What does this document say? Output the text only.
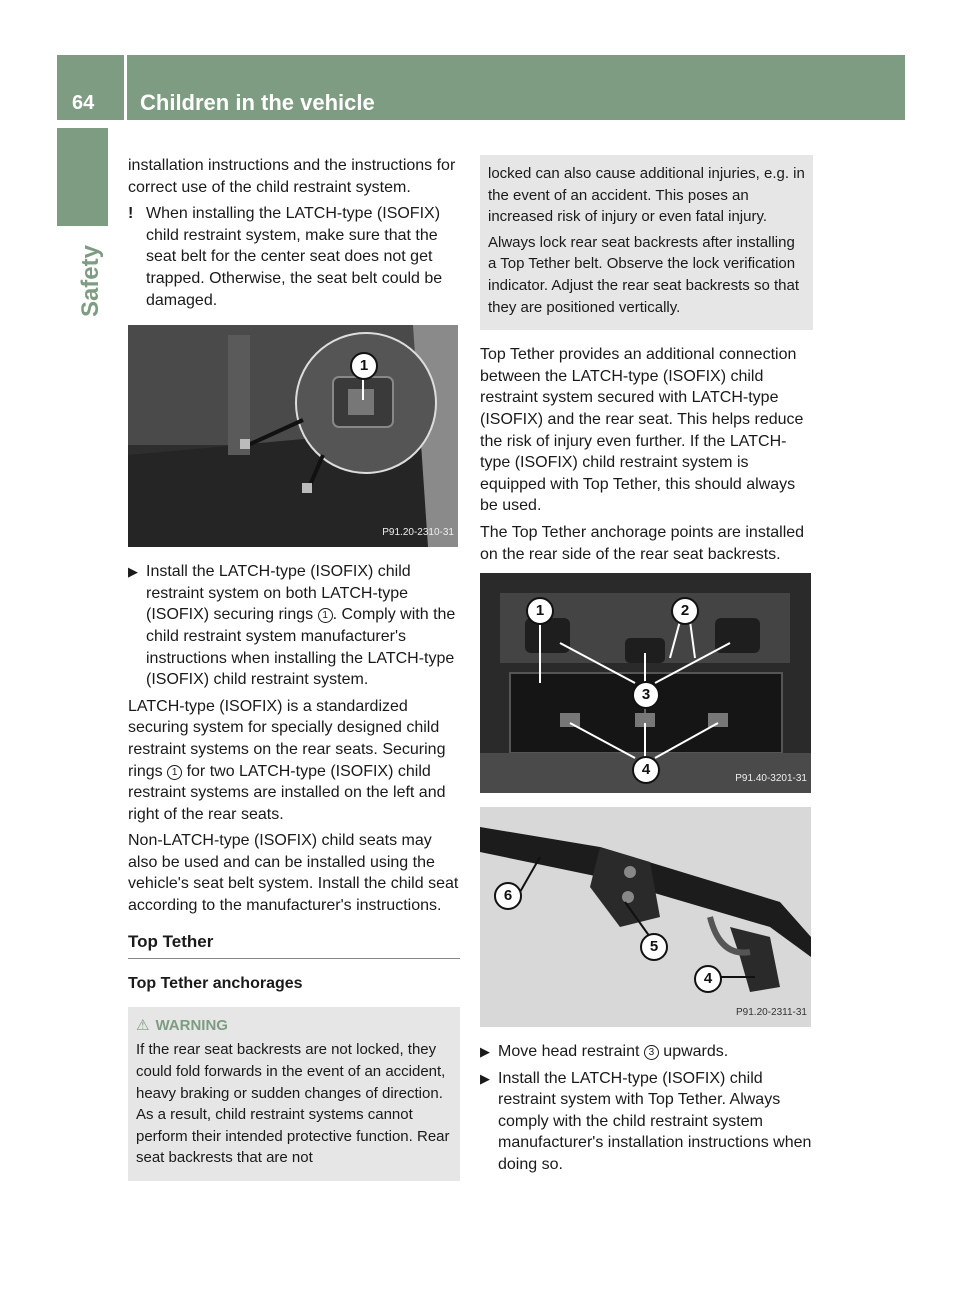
64 Children in the vehicle
Safety

installation instructions and the instructions for correct use of the child restraint system.

! When installing the LATCH-type (ISOFIX) child restraint system, make sure that the seat belt for the center seat does not get trapped. Otherwise, the seat belt could be damaged.

1
P91.20-2310-31

▶ Install the LATCH-type (ISOFIX) child restraint system on both LATCH-type (ISOFIX) securing rings 1 . Comply with the child restraint system manufacturer's instructions when installing the LATCH-type (ISOFIX) child restraint system.

LATCH-type (ISOFIX) is a standardized securing system for specially designed child restraint systems on the rear seats. Securing rings 1 for two LATCH-type (ISOFIX) child restraint systems are installed on the left and right of the rear seats.

Non-LATCH-type (ISOFIX) child seats may also be used and can be installed using the vehicle's seat belt system. Install the child seat according to the manufacturer's instructions.

Top Tether
Top Tether anchorages
⚠ WARNING

If the rear seat backrests are not locked, they could fold forwards in the event of an accident, heavy braking or sudden changes of direction. As a result, child restraint systems cannot perform their intended protective function. Rear seat backrests that are not

locked can also cause additional injuries, e.g. in the event of an accident. This poses an increased risk of injury or even fatal injury.

Always lock rear seat backrests after installing a Top Tether belt. Observe the lock verification indicator. Adjust the rear seat backrests so that they are positioned vertically.

Top Tether provides an additional connection between the LATCH-type (ISOFIX) child restraint system secured with LATCH-type (ISOFIX) and the rear seat. This helps reduce the risk of injury even further. If the LATCH-type (ISOFIX) child restraint system is equipped with Top Tether, this should always be used.

The Top Tether anchorage points are installed on the rear side of the rear seat backrests.

1	2
3
4	P91.40-3201-31
6
5
4
P91.20-2311-31

▶ Move head restraint 3 upwards.

▶ Install the LATCH-type (ISOFIX) child restraint system with Top Tether. Always comply with the child restraint system manufacturer's installation instructions when doing so.
